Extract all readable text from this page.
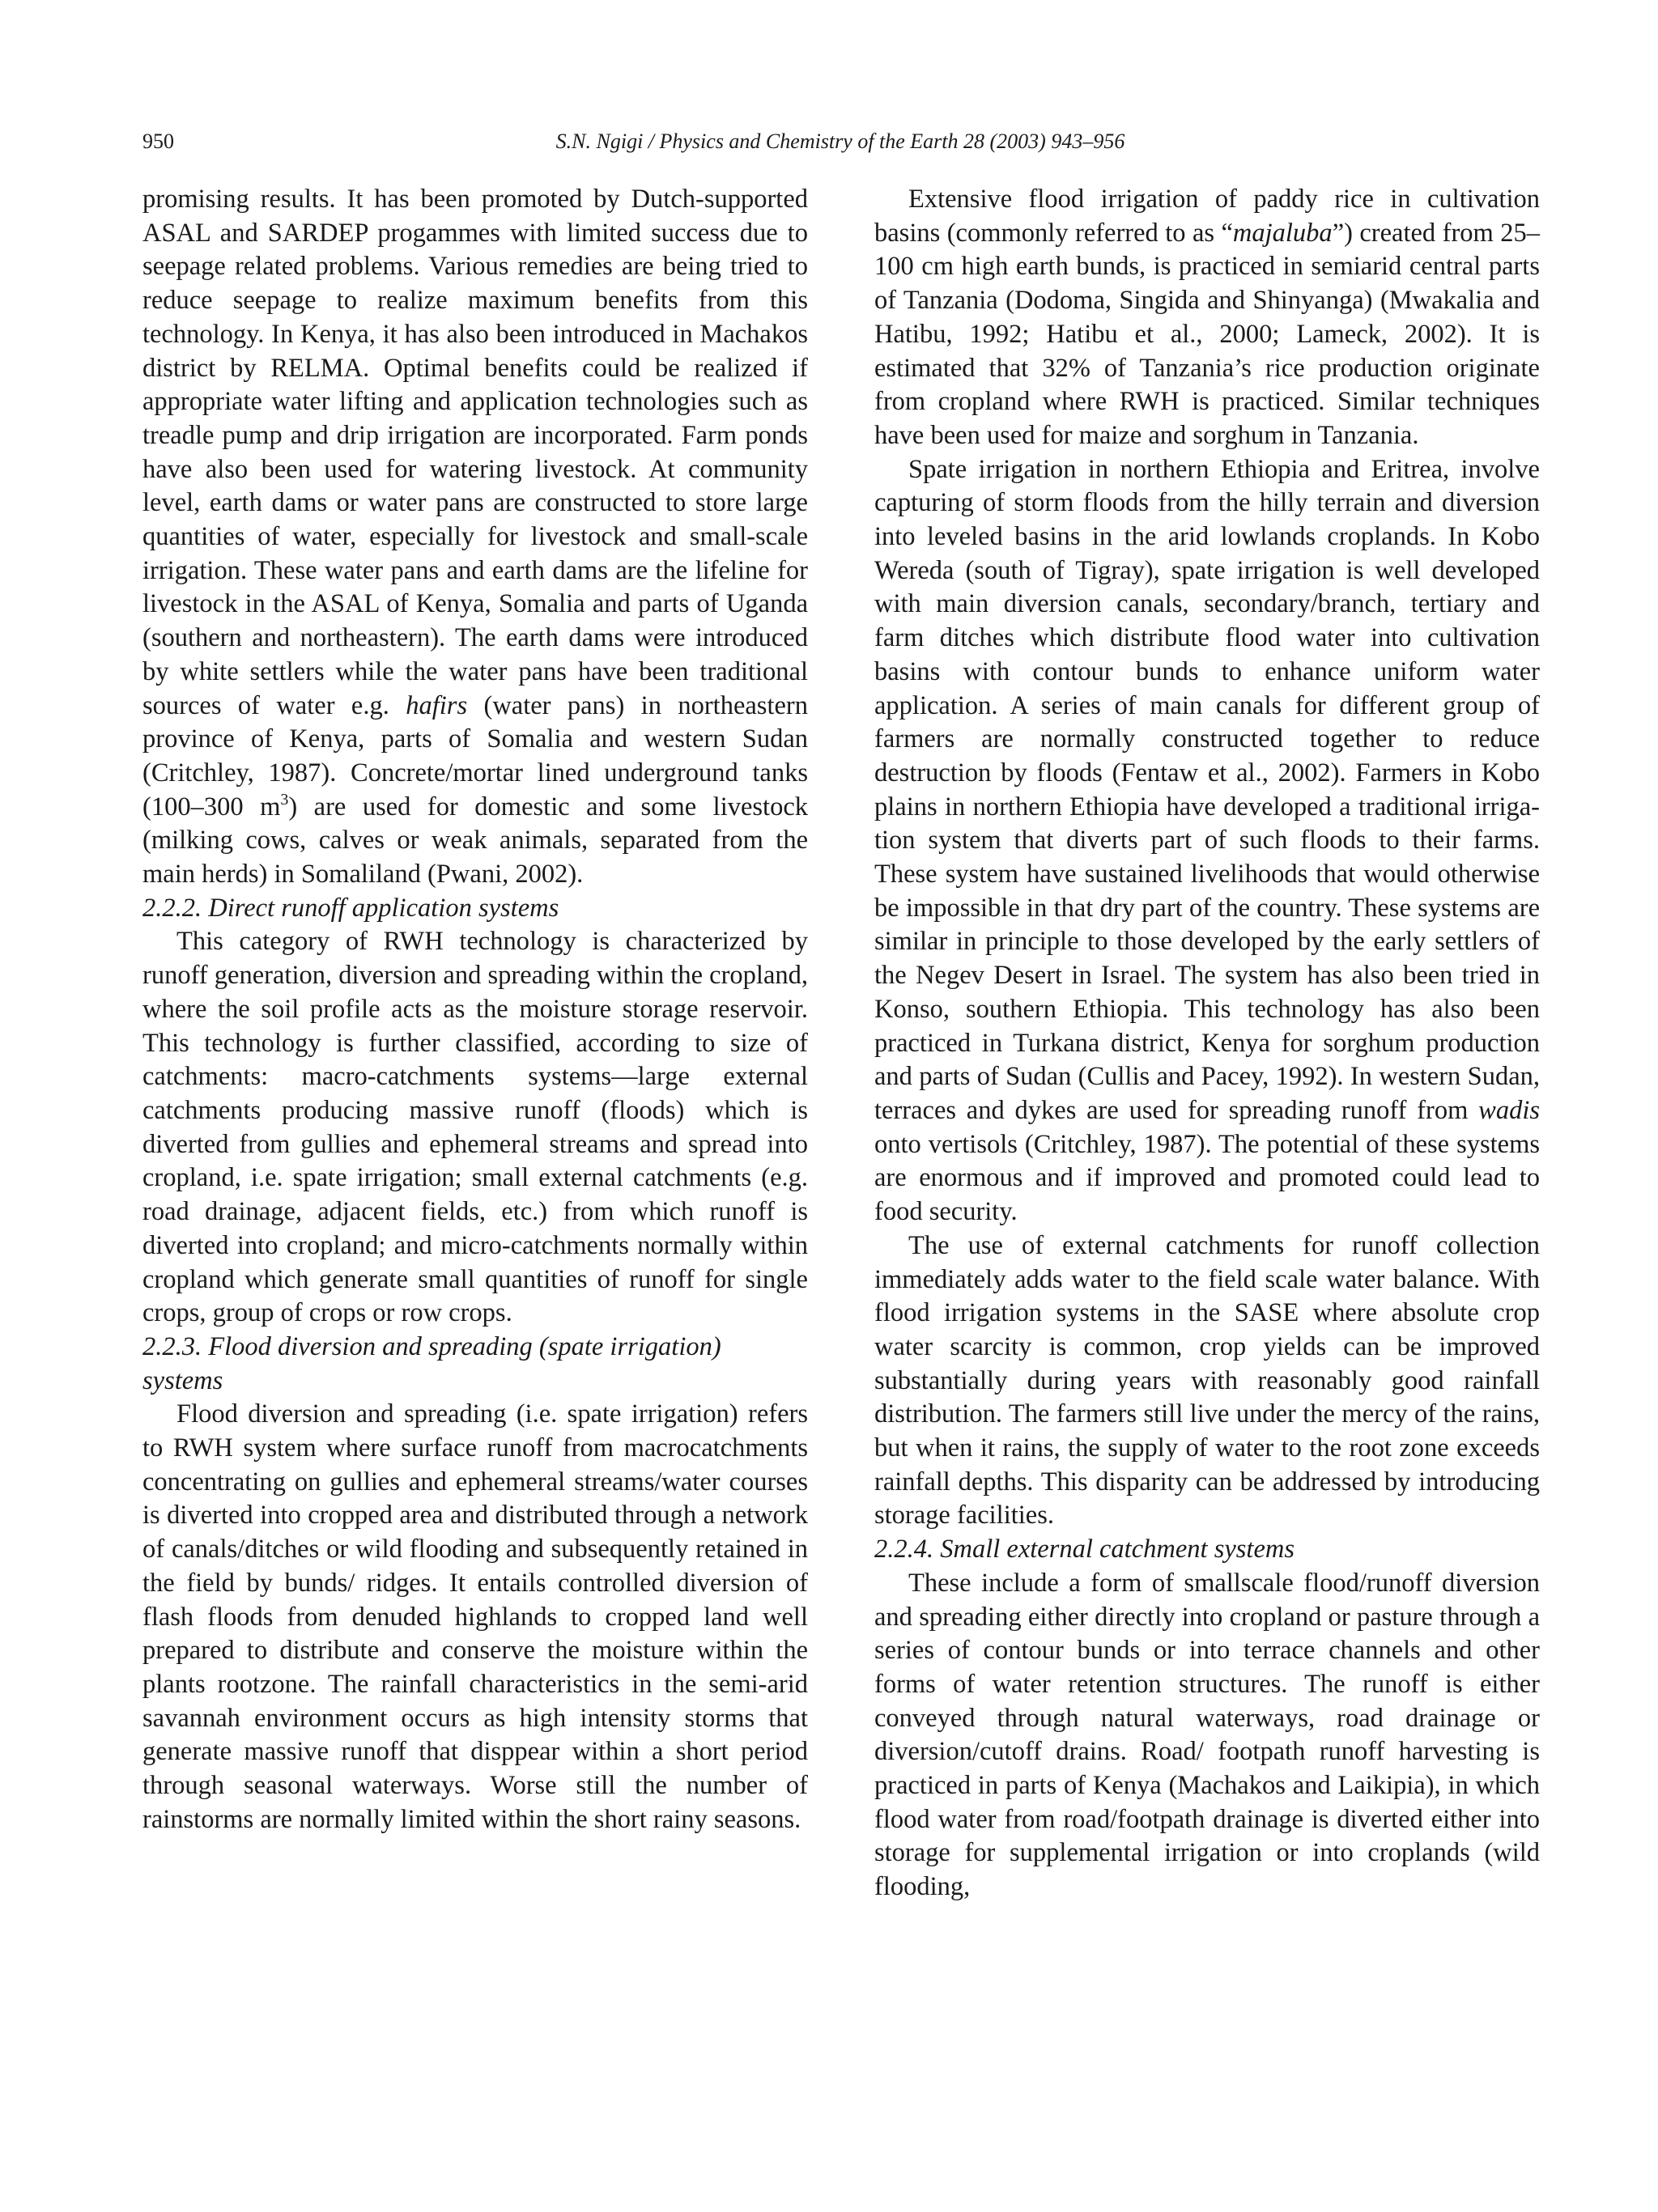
950	S.N. Ngigi / Physics and Chemistry of the Earth 28 (2003) 943–956

promising results. It has been promoted by Dutch-supported ASAL and SARDEP progammes with limited success due to seepage related problems. Various remedies are being tried to reduce seepage to realize maximum benefits from this technology. In Kenya, it has also been introduced in Machakos district by RELMA. Optimal benefits could be realized if appropriate water lifting and application technologies such as treadle pump and drip irrigation are incorporated. Farm ponds have also been used for watering livestock. At community level, earth dams or water pans are constructed to store large quantities of water, especially for livestock and small-scale irrigation. These water pans and earth dams are the lifeline for livestock in the ASAL of Kenya, Somalia and parts of Uganda (southern and northeastern). The earth dams were introduced by white settlers while the water pans have been traditional sources of water e.g. hafirs (water pans) in northeastern province of Kenya, parts of Somalia and western Sudan (Critchley, 1987). Concrete/mortar lined underground tanks (100–300 $m^3$) are used for domestic and some livestock (milking cows, calves or weak animals, separated from the main herds) in Somaliland (Pwani, 2002).

2.2.2. Direct runoff application systems

This category of RWH technology is characterized by runoff generation, diversion and spreading within the cropland, where the soil profile acts as the moisture storage reservoir. This technology is further classified, according to size of catchments: macro-catchments systems—large external catchments producing massive runoff (floods) which is diverted from gullies and ephemeral streams and spread into cropland, i.e. spate irrigation; small external catchments (e.g. road drainage, adjacent fields, etc.) from which runoff is diverted into cropland; and micro-catchments normally within cropland which generate small quantities of runoff for single crops, group of crops or row crops.

2.2.3. Flood diversion and spreading (spate irrigation) systems

Flood diversion and spreading (i.e. spate irrigation) refers to RWH system where surface runoff from macrocatchments concentrating on gullies and ephemeral streams/water courses is diverted into cropped area and distributed through a network of canals/ditches or wild flooding and subsequently retained in the field by bunds/ ridges. It entails controlled diversion of flash floods from denuded highlands to cropped land well prepared to distribute and conserve the moisture within the plants rootzone. The rainfall characteristics in the semi-arid savannah environment occurs as high intensity storms that generate massive runoff that disppear within a short period through seasonal waterways. Worse still the number of rainstorms are normally limited within the short rainy seasons.

Extensive flood irrigation of paddy rice in cultivation basins (commonly referred to as “majaluba”) created from 25–100 cm high earth bunds, is practiced in semiarid central parts of Tanzania (Dodoma, Singida and Shinyanga) (Mwakalia and Hatibu, 1992; Hatibu et al., 2000; Lameck, 2002). It is estimated that 32% of Tanzania’s rice production originate from cropland where RWH is practiced. Similar techniques have been used for maize and sorghum in Tanzania.

Spate irrigation in northern Ethiopia and Eritrea, involve capturing of storm floods from the hilly terrain and diversion into leveled basins in the arid lowlands croplands. In Kobo Wereda (south of Tigray), spate irrigation is well developed with main diversion canals, secondary/branch, tertiary and farm ditches which distribute flood water into cultivation basins with contour bunds to enhance uniform water application. A series of main canals for different group of farmers are normally constructed together to reduce destruction by floods (Fentaw et al., 2002). Farmers in Kobo plains in northern Ethiopia have developed a traditional irrigation system that diverts part of such floods to their farms. These system have sustained livelihoods that would otherwise be impossible in that dry part of the country. These systems are similar in principle to those developed by the early settlers of the Negev Desert in Israel. The system has also been tried in Konso, southern Ethiopia. This technology has also been practiced in Turkana district, Kenya for sorghum production and parts of Sudan (Cullis and Pacey, 1992). In western Sudan, terraces and dykes are used for spreading runoff from wadis onto vertisols (Critchley, 1987). The potential of these systems are enormous and if improved and promoted could lead to food security.

The use of external catchments for runoff collection immediately adds water to the field scale water balance. With flood irrigation systems in the SASE where absolute crop water scarcity is common, crop yields can be improved substantially during years with reasonably good rainfall distribution. The farmers still live under the mercy of the rains, but when it rains, the supply of water to the root zone exceeds rainfall depths. This disparity can be addressed by introducing storage facilities.

2.2.4. Small external catchment systems

These include a form of smallscale flood/runoff diversion and spreading either directly into cropland or pasture through a series of contour bunds or into terrace channels and other forms of water retention structures. The runoff is either conveyed through natural waterways, road drainage or diversion/cutoff drains. Road/ footpath runoff harvesting is practiced in parts of Kenya (Machakos and Laikipia), in which flood water from road/footpath drainage is diverted either into storage for supplemental irrigation or into croplands (wild flooding,
